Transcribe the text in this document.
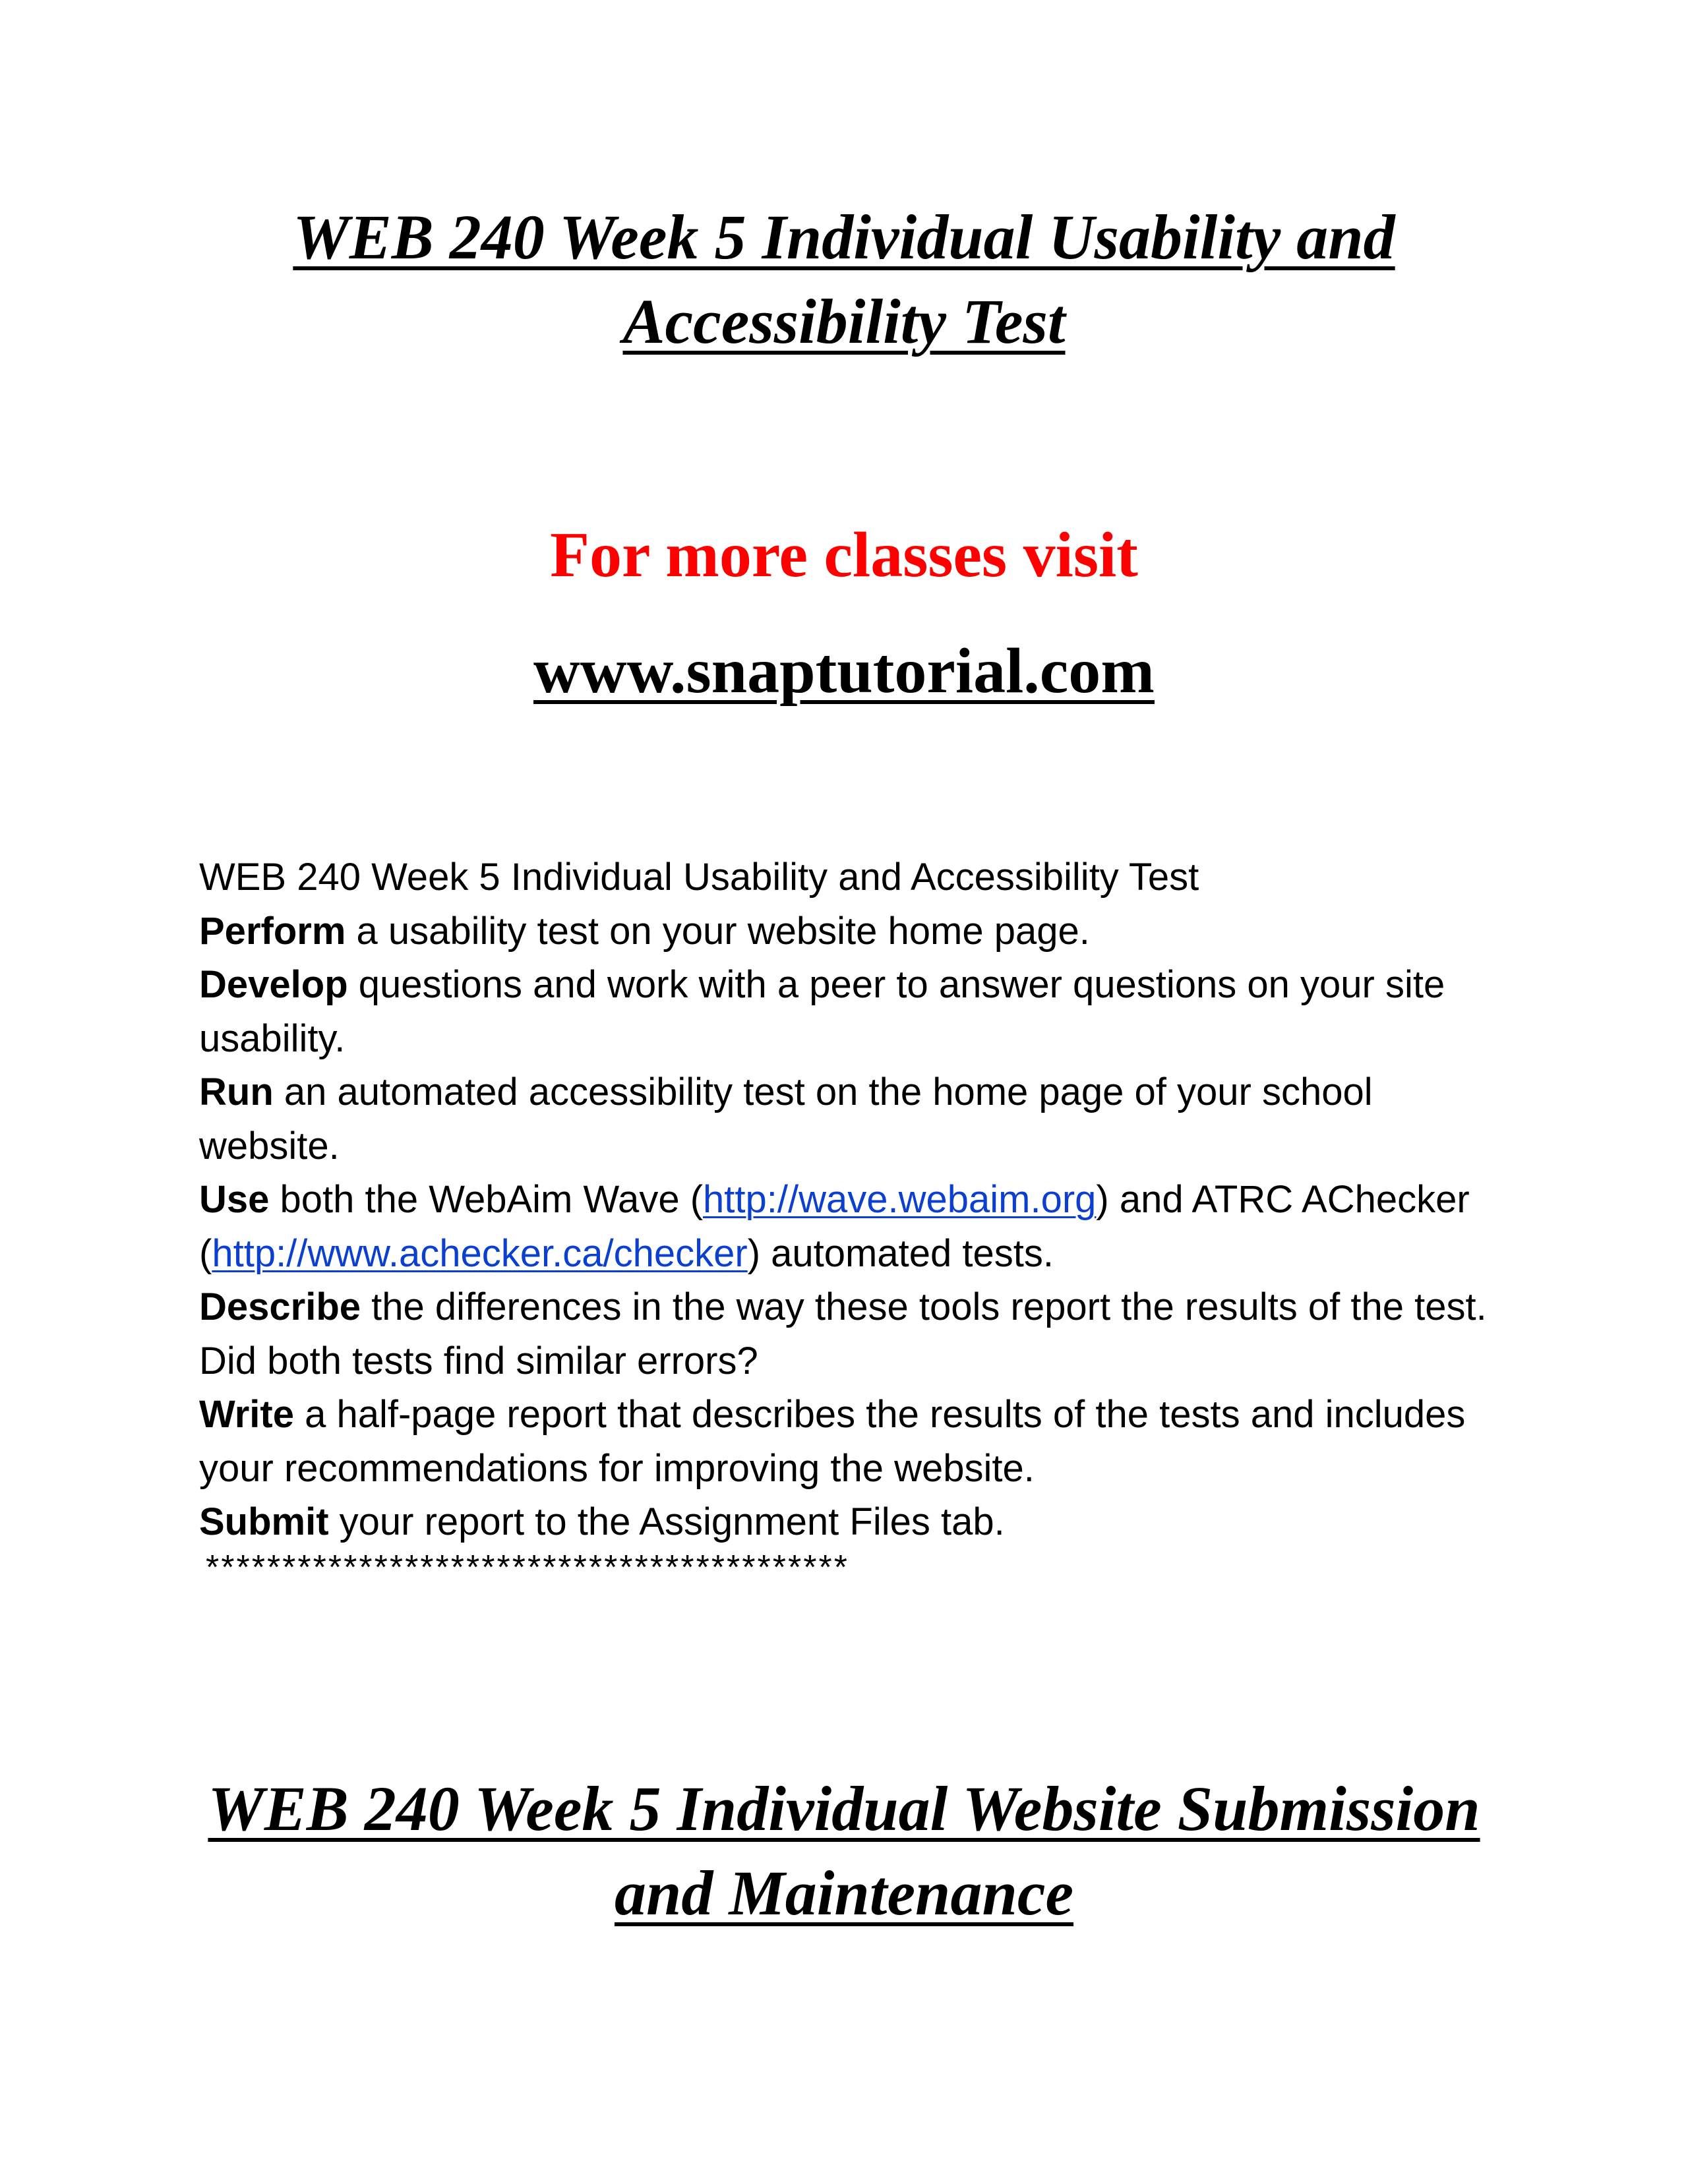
WEB 240 Week 5 Individual Usability and
Accessibility Test
For more classes visit
www.snaptutorial.com

WEB 240 Week 5 Individual Usability and Accessibility Test

Perform a usability test on your website home page.

Develop questions and work with a peer to answer questions on your site usability.

Run an automated accessibility test on the home page of your school website.

Use both the WebAim Wave (http://wave.webaim.org) and ATRC AChecker (http://www.achecker.ca/checker) automated tests.

Describe the differences in the way these tools report the results of the test. Did both tests find similar errors?

Write a half-page report that describes the results of the tests and includes your recommendations for improving the website.

Submit your report to the Assignment Files tab.

******************************************
WEB 240 Week 5 Individual Website Submission
and Maintenance
